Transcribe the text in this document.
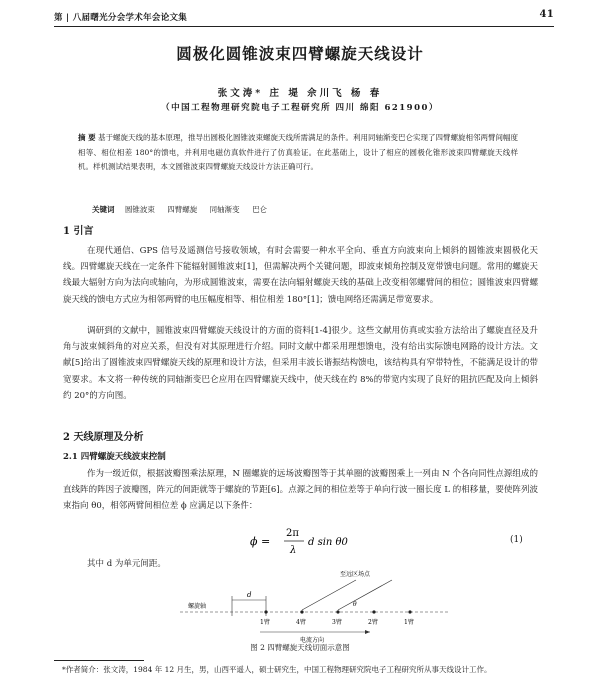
第 | 八届曙光分会学术年会论文集	41
圆极化圆锥波束四臂螺旋天线设计
张文涛* 庄 堤 佘川飞 杨 春
（中国工程物理研究院电子工程研究所 四川 绵阳 621900）
摘 要 基于螺旋天线的基本原理，推导出圆极化圆锥波束螺旋天线所需满足的条件。利用同轴渐变巴仑实现了四臂螺旋相邻两臂间幅度相等、相位相差 180°的馈电，并利用电磁仿真软件进行了仿真验证。在此基础上，设计了相应的圆极化锥形波束四臂螺旋天线样机。样机测试结果表明，本文圆锥波束四臂螺旋天线设计方法正确可行。
关键词 圆锥波束 四臂螺旋 同轴渐变 巴仑
1 引言
在现代通信、GPS 信号及遥测信号接收领域，有时会需要一种水平全向、垂直方向波束向上倾斜的圆锥波束圆极化天线。四臂螺旋天线在一定条件下能辐射圆锥波束[1]，但需解决两个关键问题，即波束倾角控制及宽带馈电问题。常用的螺旋天线最大辐射方向为法向或轴向，为形成圆锥波束，需要在法向辐射螺旋天线的基础上改变相邻螺臂间的相位；圆锥波束四臂螺旋天线的馈电方式应为相邻两臂的电压幅度相等、相位相差 180°[1]；馈电网络还需满足带宽要求。
调研到的文献中，圆锥波束四臂螺旋天线设计的方面的资料[1-4]很少。这些文献用仿真或实验方法给出了螺旋直径及升角与波束倾斜角的对应关系，但没有对其原理进行介绍。同时文献中都采用理想馈电，没有给出实际馈电网路的设计方法。文献[5]给出了圆锥波束四臂螺旋天线的原理和设计方法，但采用丰波长谐振结构馈电，该结构具有窄带特性，不能满足设计的带宽要求。本文将一种传统的同轴渐变巴仑应用在四臂螺旋天线中，使天线在约 8%的带宽内实现了良好的阻抗匹配及向上倾斜约 20°的方向图。
2 天线原理及分析
2.1 四臂螺旋天线波束控制
作为一级近似，根据波瓣图乘法原理，N 圈螺旋的远场波瓣图等于其单圈的波瓣图乘上一列由 N 个各向同性点源组成的直线阵的阵因子波瓣图，阵元的间距就等于螺旋的节距[6]。点源之间的相位差等于单向行波一圈长度 L 的相移量，要使阵列波束指向 θ0，相邻两臂间相位差 ϕ 应满足以下条件：
ϕ =
2π
λ
d sin θ0	(1)
其中 d 为单元间距。
至远区场点
螺旋轴
d
θ
1臂	4臂	3臂	2臂	1臂
电流方向
图 2 四臂螺旋天线切面示意图
*作者简介：张文涛，1984 年 12 月生，男，山西平遥人，硕士研究生，中国工程物理研究院电子工程研究所从事天线设计工作。
